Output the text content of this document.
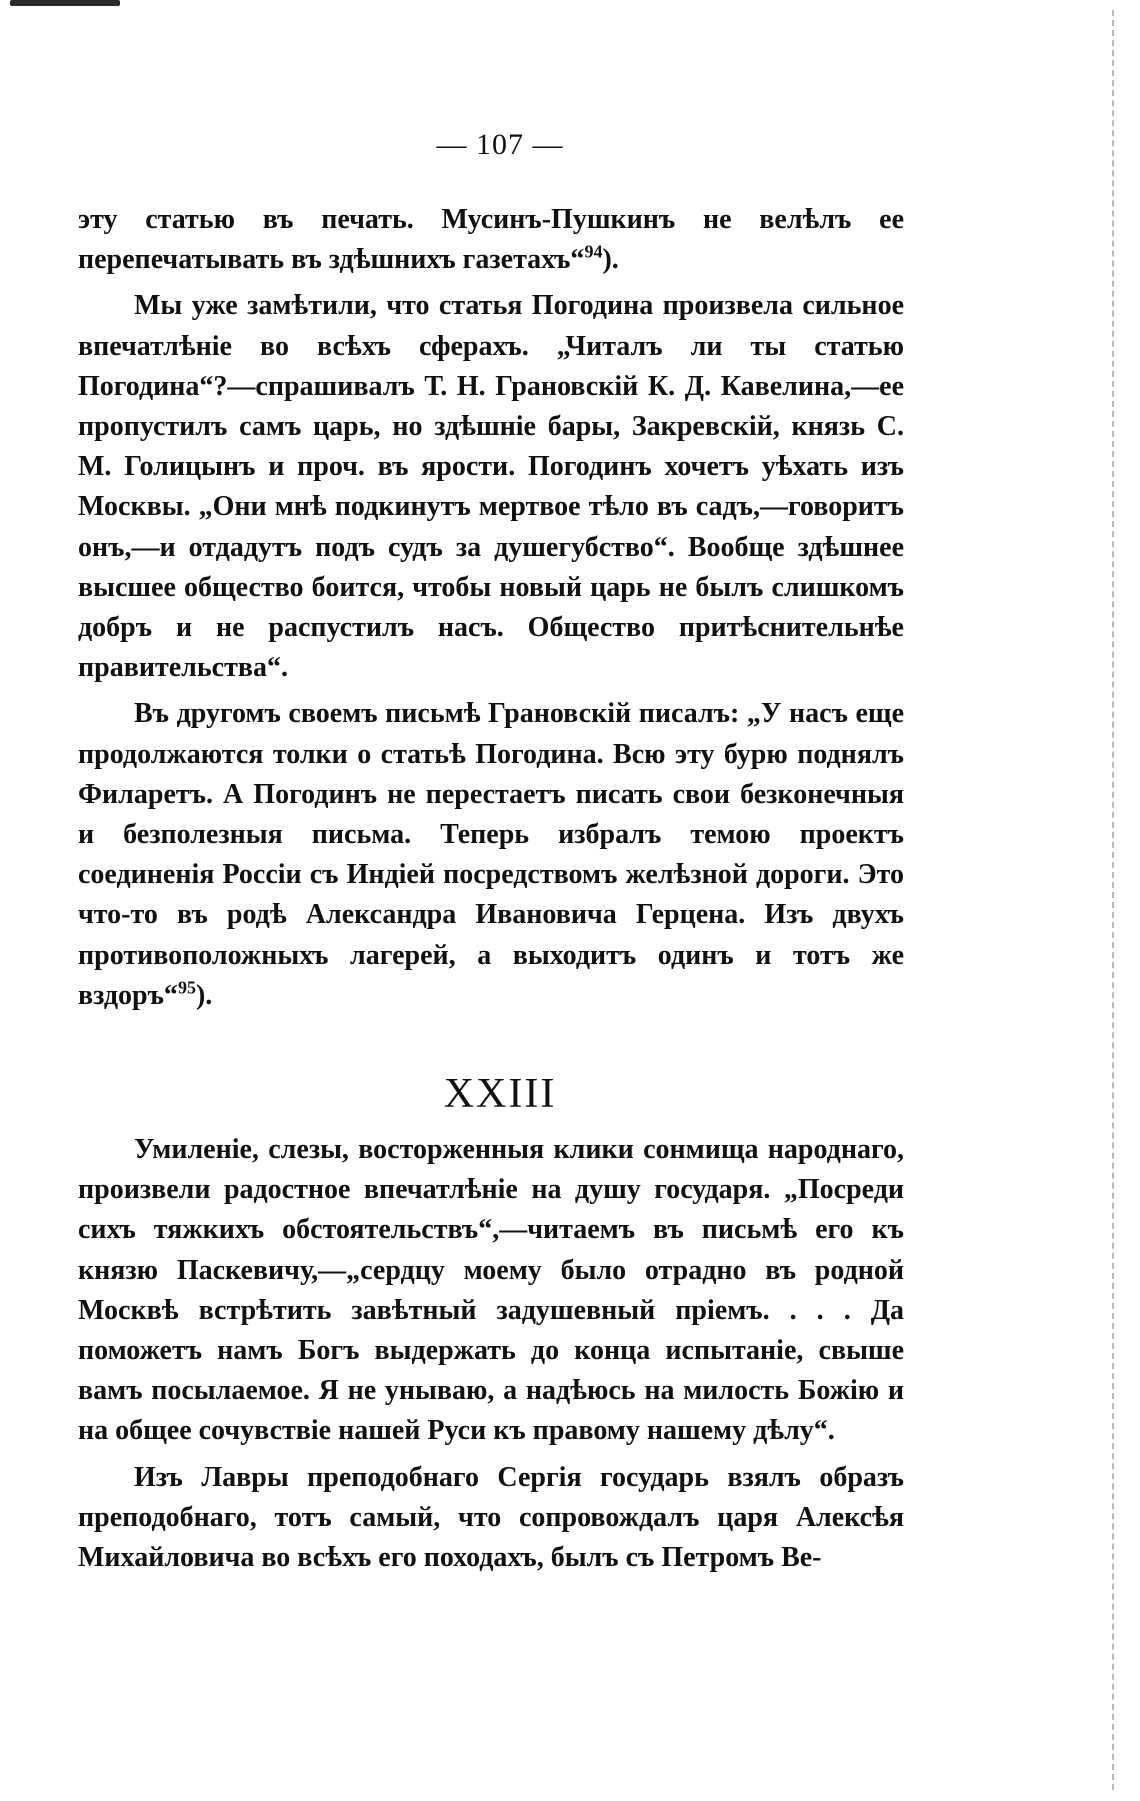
— 107 —

эту статью въ печать. Мусинъ-Пушкинъ не велѣлъ ее перепечатывать въ здѣшнихъ газетахъ“$^{94}$).

Мы уже замѣтили, что статья Погодина произвела сильное впечатлѣніе во всѣхъ сферахъ. „Читалъ ли ты статью Погодина“?—спрашивалъ Т. Н. Грановскій К. Д. Кавелина,—ее пропустилъ самъ царь, но здѣшніе бары, Закревскій, князь С. М. Голицынъ и проч. въ ярости. Погодинъ хочетъ уѣхать изъ Москвы. „Они мнѣ подкинутъ мертвое тѣло въ садъ,—говоритъ онъ,—и отдадутъ подъ судъ за душегубство“. Вообще здѣшнее высшее общество боится, чтобы новый царь не былъ слишкомъ добръ и не распустилъ насъ. Общество притѣснительнѣе правительства“.

Въ другомъ своемъ письмѣ Грановскій писалъ: „У насъ еще продолжаются толки о статьѣ Погодина. Всю эту бурю поднялъ Филаретъ. А Погодинъ не перестаетъ писать свои безконечныя и безполезныя письма. Теперь избралъ темою проектъ соединенія Россіи съ Индіей посредствомъ желѣзной дороги. Это что-то въ родѣ Александра Ивановича Герцена. Изъ двухъ противоположныхъ лагерей, а выходитъ одинъ и тотъ же вздоръ“$^{95}$).

XXIII

Умиленіе, слезы, восторженныя клики сонмища народнаго, произвели радостное впечатлѣніе на душу государя. „Посреди сихъ тяжкихъ обстоятельствъ“,—читаемъ въ письмѣ его къ князю Паскевичу,—„сердцу моему было отрадно въ родной Москвѣ встрѣтить завѣтный задушевный пріемъ. . . . Да поможетъ намъ Богъ выдержать до конца испытаніе, свыше вамъ посылаемое. Я не унываю, а надѣюсь на милость Божію и на общее сочувствіе нашей Руси къ правому нашему дѣлу“.

Изъ Лавры преподобнаго Сергія государь взялъ образъ преподобнаго, тотъ самый, что сопровождалъ царя Алексѣя Михайловича во всѣхъ его походахъ, былъ съ Петромъ Ве-
